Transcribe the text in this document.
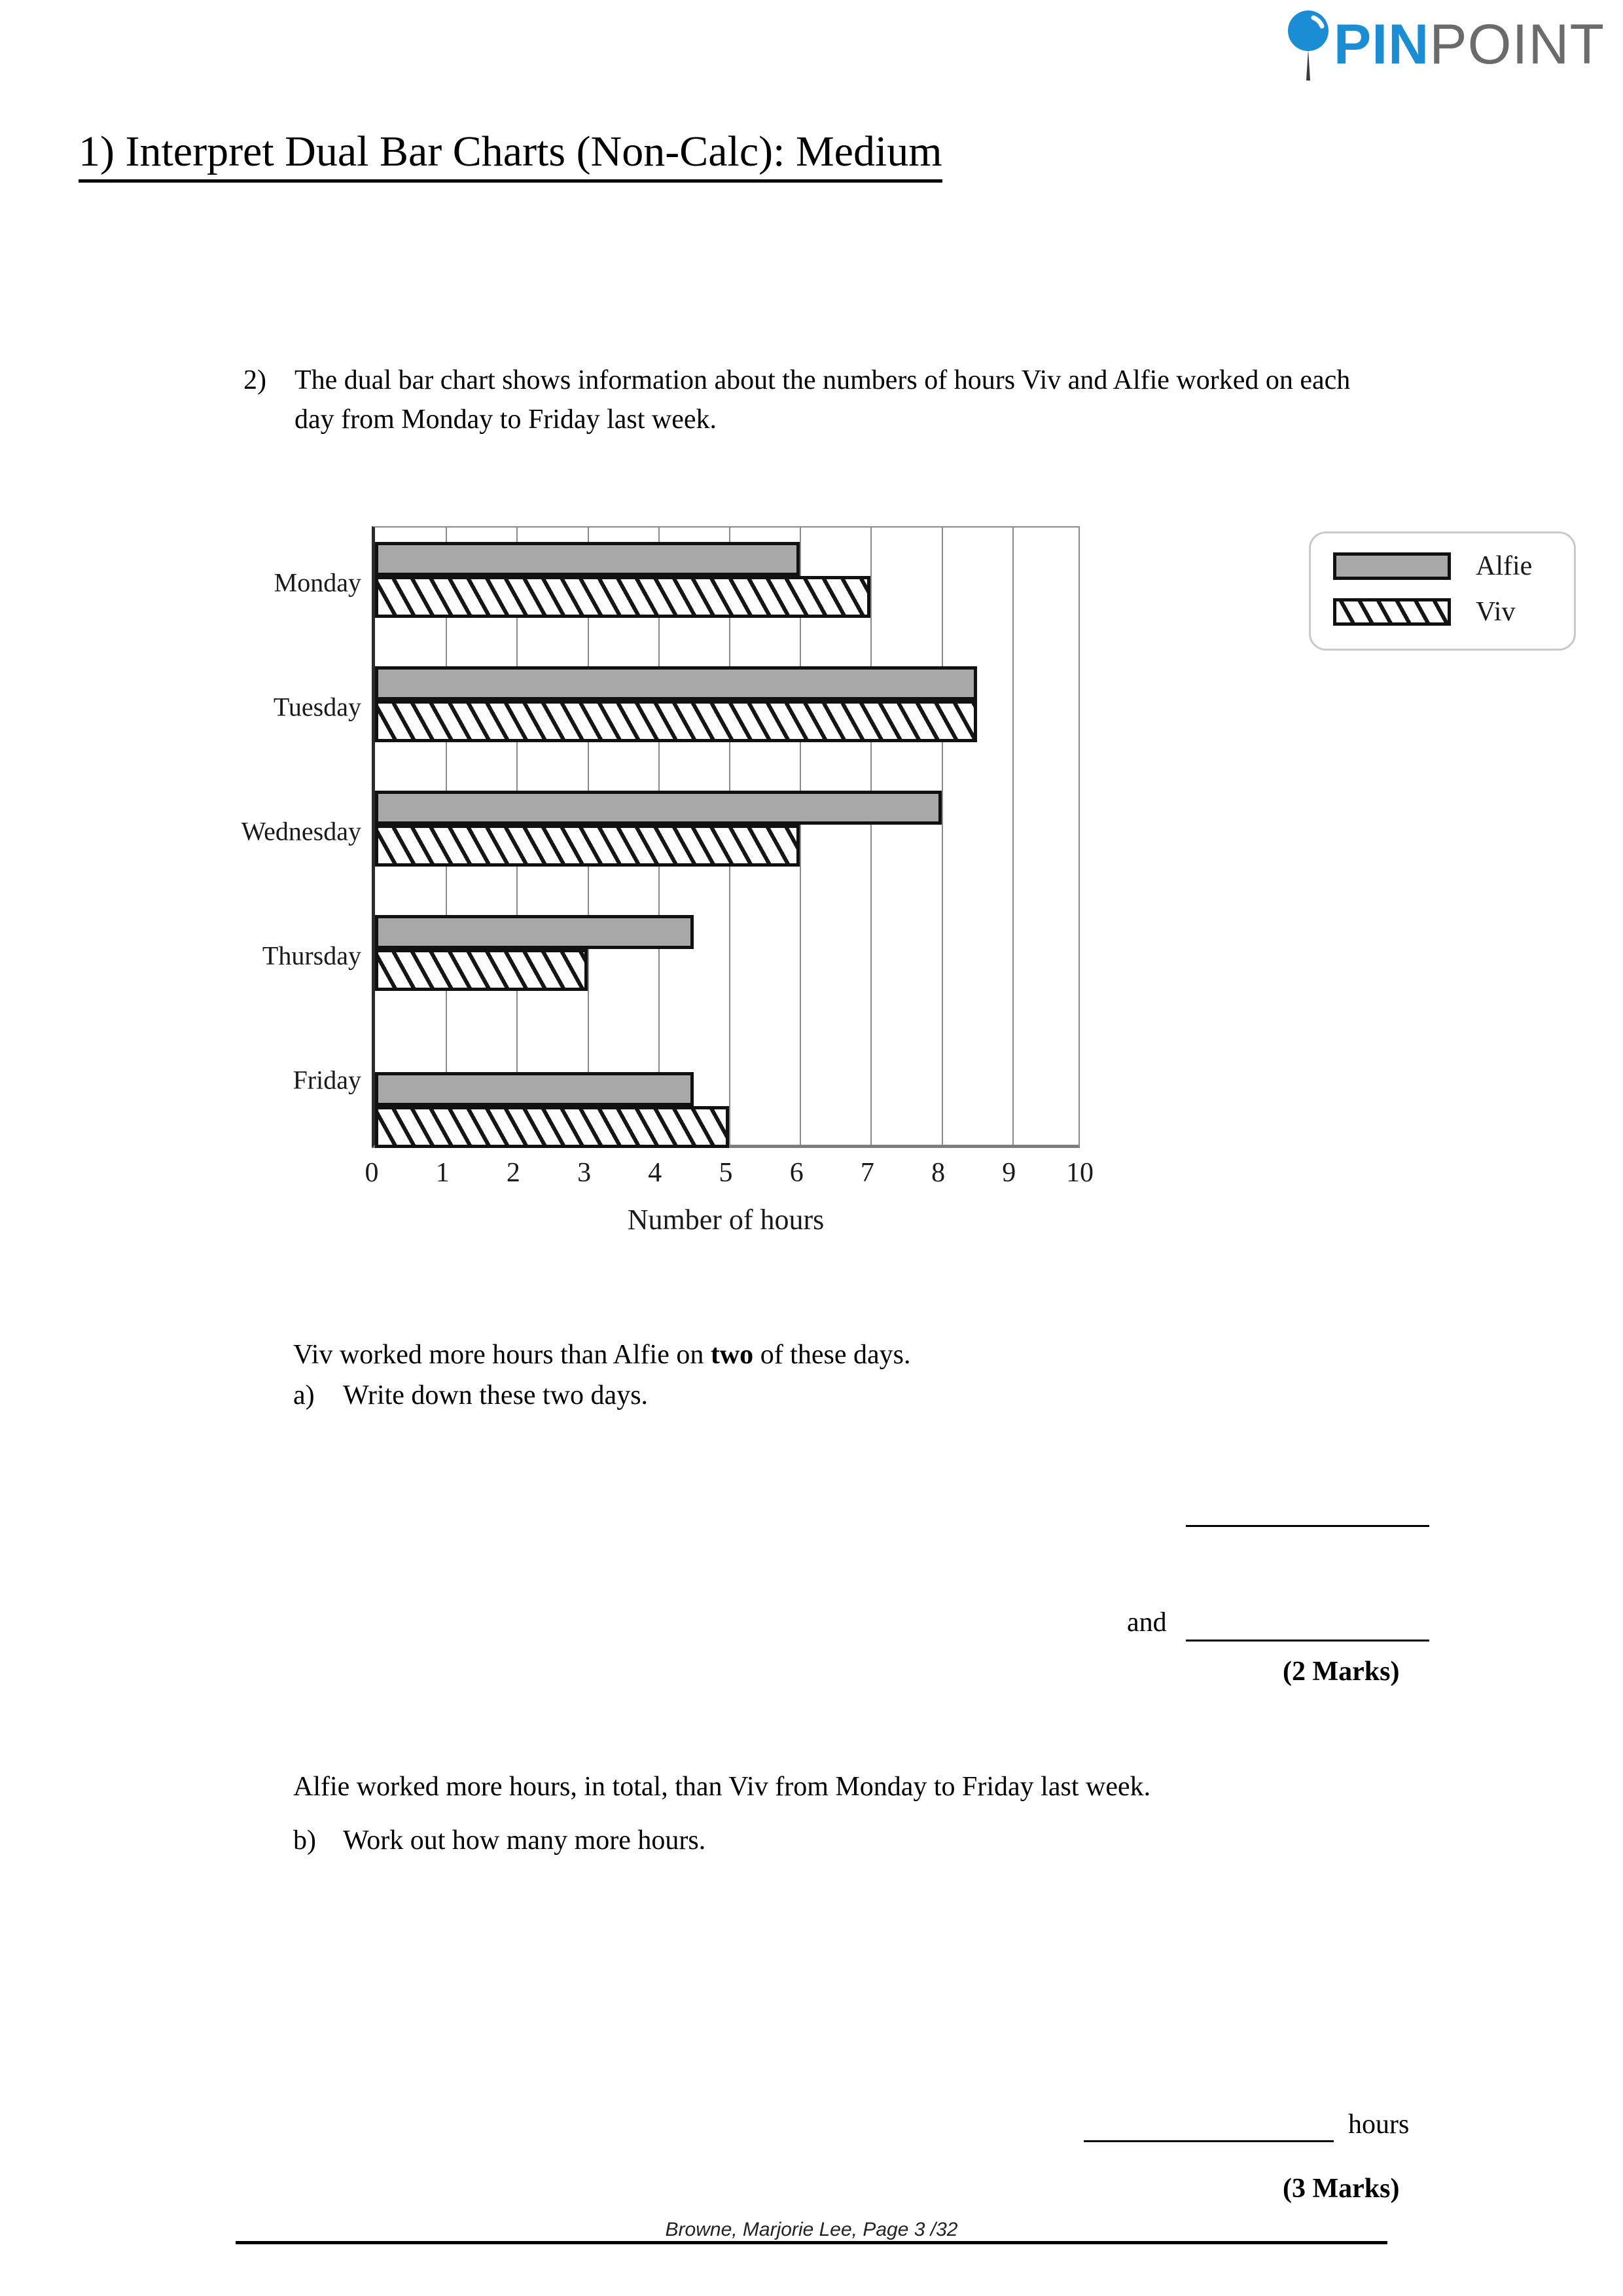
PINPOINT
1) Interpret Dual Bar Charts (Non-Calc): Medium
2)	The dual bar chart shows information about the numbers of hours Viv and Alfie worked on each day from Monday to Friday last week.
Monday
Tuesday
Wednesday
Thursday
Friday
0 1 2 3 4 5 6 7 8 9 10
Number of hours
Alfie
Viv
Viv worked more hours than Alfie on two of these days.
a)	Write down these two days.
and
(2 Marks)
Alfie worked more hours, in total, than Viv from Monday to Friday last week.
b) Work out how many more hours.
hours
(3 Marks)
Browne, Marjorie Lee, Page 3 /32
